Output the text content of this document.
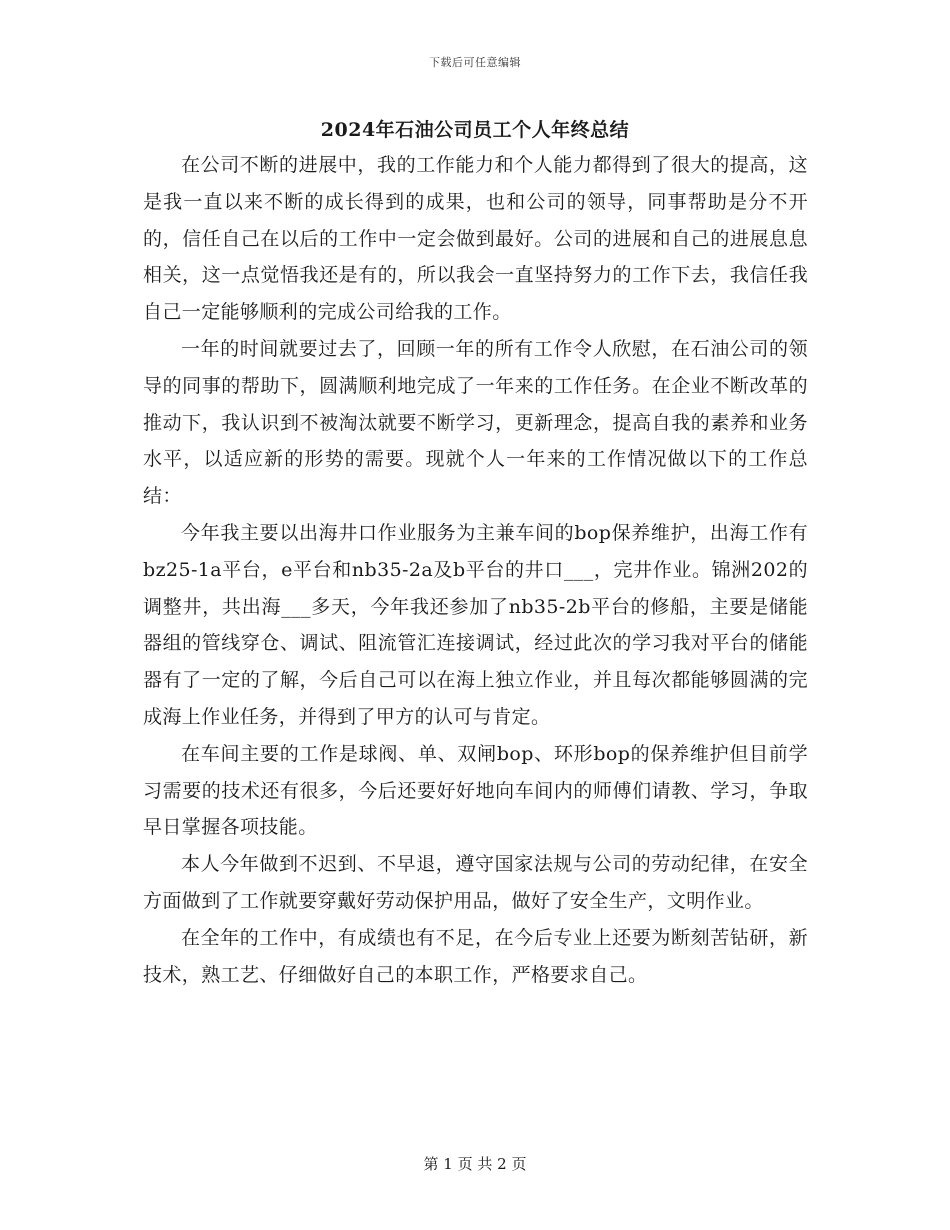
下载后可任意编辑
2024年石油公司员工个人年终总结

在公司不断的进展中，我的工作能力和个人能力都得到了很大的提高，这是我一直以来不断的成长得到的成果，也和公司的领导，同事帮助是分不开的，信任自己在以后的工作中一定会做到最好。公司的进展和自己的进展息息相关，这一点觉悟我还是有的，所以我会一直坚持努力的工作下去，我信任我自己一定能够顺利的完成公司给我的工作。

一年的时间就要过去了，回顾一年的所有工作令人欣慰，在石油公司的领导的同事的帮助下，圆满顺利地完成了一年来的工作任务。在企业不断改革的推动下，我认识到不被淘汰就要不断学习，更新理念，提高自我的素养和业务水平，以适应新的形势的需要。现就个人一年来的工作情况做以下的工作总结：

今年我主要以出海井口作业服务为主兼车间的bop保养维护，出海工作有bz25-1a平台，e平台和nb35-2a及b平台的井口___，完井作业。锦洲202的调整井，共出海___多天，今年我还参加了nb35-2b平台的修船，主要是储能器组的管线穿仓、调试、阻流管汇连接调试，经过此次的学习我对平台的储能器有了一定的了解，今后自己可以在海上独立作业，并且每次都能够圆满的完成海上作业任务，并得到了甲方的认可与肯定。

在车间主要的工作是球阀、单、双闸bop、环形bop的保养维护但目前学习需要的技术还有很多，今后还要好好地向车间内的师傅们请教、学习，争取早日掌握各项技能。

本人今年做到不迟到、不早退，遵守国家法规与公司的劳动纪律，在安全方面做到了工作就要穿戴好劳动保护用品，做好了安全生产，文明作业。

在全年的工作中，有成绩也有不足，在今后专业上还要为断刻苦钻研，新技术，熟工艺、仔细做好自己的本职工作，严格要求自己。

第 1 页 共 2 页
